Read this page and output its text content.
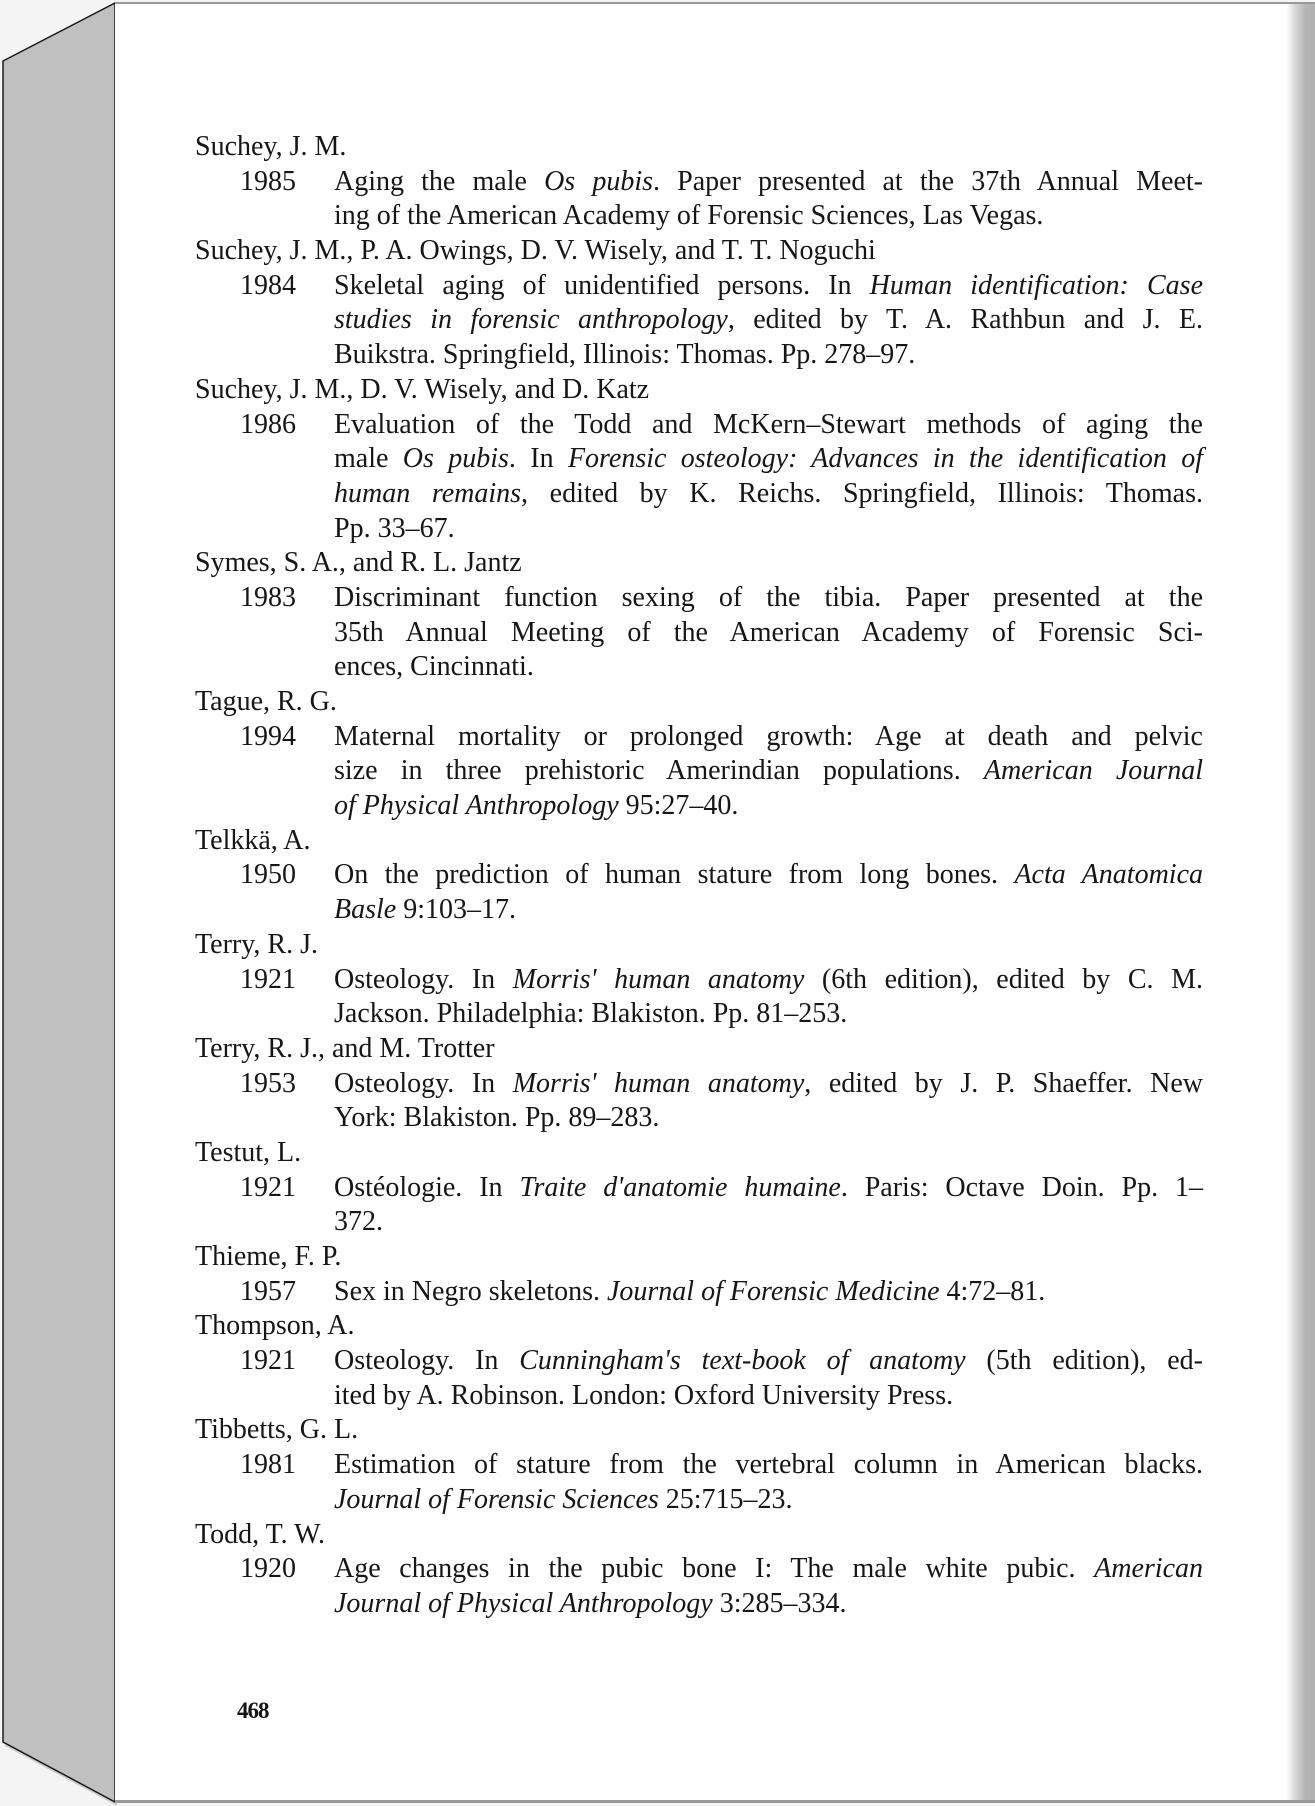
Suchey, J. M.
1985 Aging the male Os pubis. Paper presented at the 37th Annual Meet-
ing of the American Academy of Forensic Sciences, Las Vegas.
Suchey, J. M., P. A. Owings, D. V. Wisely, and T. T. Noguchi
1984 Skeletal aging of unidentified persons. In Human identification: Case
studies in forensic anthropology, edited by T. A. Rathbun and J. E.
Buikstra. Springfield, Illinois: Thomas. Pp. 278–97.
Suchey, J. M., D. V. Wisely, and D. Katz
1986 Evaluation of the Todd and McKern–Stewart methods of aging the
male Os pubis. In Forensic osteology: Advances in the identification of
human remains, edited by K. Reichs. Springfield, Illinois: Thomas.
Pp. 33–67.
Symes, S. A., and R. L. Jantz
1983 Discriminant function sexing of the tibia. Paper presented at the
35th Annual Meeting of the American Academy of Forensic Sci-
ences, Cincinnati.
Tague, R. G.
1994 Maternal mortality or prolonged growth: Age at death and pelvic
size in three prehistoric Amerindian populations. American Journal
of Physical Anthropology 95:27–40.
Telkkä, A.
1950 On the prediction of human stature from long bones. Acta Anatomica
Basle 9:103–17.
Terry, R. J.
1921 Osteology. In Morris' human anatomy (6th edition), edited by C. M.
Jackson. Philadelphia: Blakiston. Pp. 81–253.
Terry, R. J., and M. Trotter
1953 Osteology. In Morris' human anatomy, edited by J. P. Shaeffer. New
York: Blakiston. Pp. 89–283.
Testut, L.
1921 Ostéologie. In Traite d'anatomie humaine. Paris: Octave Doin. Pp. 1–
372.
Thieme, F. P.
1957 Sex in Negro skeletons. Journal of Forensic Medicine 4:72–81.
Thompson, A.
1921 Osteology. In Cunningham's text-book of anatomy (5th edition), ed-
ited by A. Robinson. London: Oxford University Press.
Tibbetts, G. L.
1981 Estimation of stature from the vertebral column in American blacks.
Journal of Forensic Sciences 25:715–23.
Todd, T. W.
1920 Age changes in the pubic bone I: The male white pubic. American
Journal of Physical Anthropology 3:285–334.
468
